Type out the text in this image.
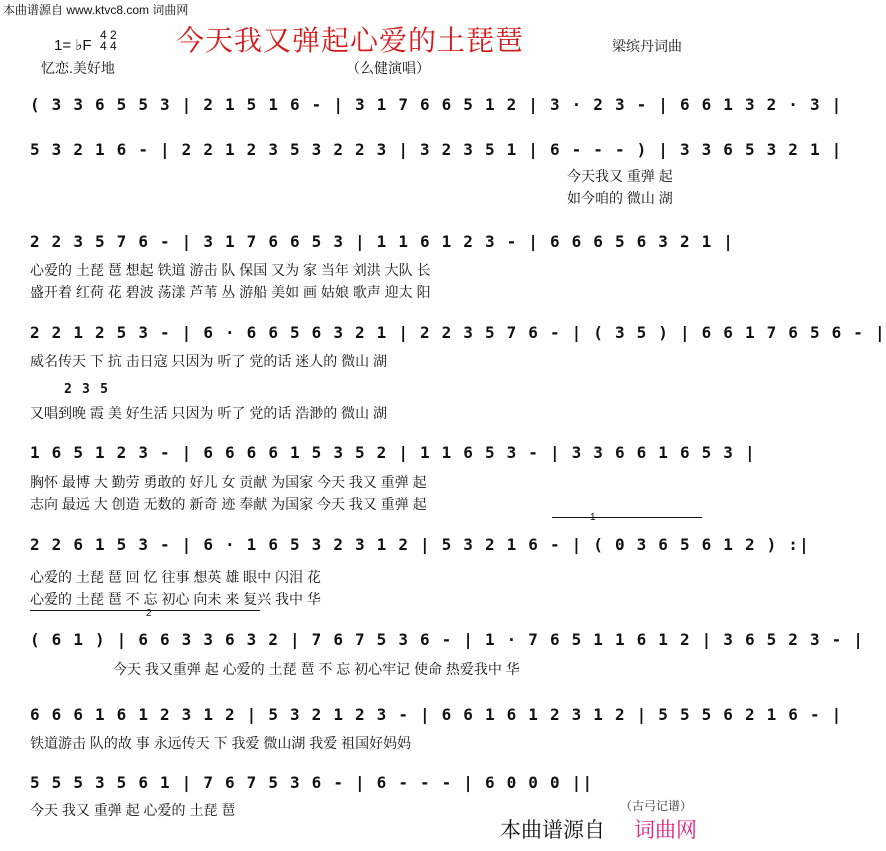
本曲谱源自 www.ktvc8.com 词曲网
1= ♭F
4 2
4 4 今天我又弹起心爱的土琵琶	梁缤丹词曲
忆恋.美好地	（么健演唱）
( 3 3 6 5 5 3 | 2 1 5 1 6 - | 3 1 7 6 6 5 1 2 | 3 · 2 3 - | 6 6 1 3 2 · 3 |
5 3 2 1 6 - | 2 2 1 2 3 5 3 2 2 3 | 3 2 3 5 1 | 6 - - - ) | 3 3 6 5 3 2 1 |
2 2 3 5 7 6 - | 3 1 7 6 6 5 3 | 1 1 6 1 2 3 - | 6 6 6 5 6 3 2 1 |
2 2 1 2 5 3 - | 6 · 6 6 5 6 3 2 1 | 2 2 3 5 7 6 - | ( 3 5 ) | 6 6 1 7 6 5 6 - |
1 6 5 1 2 3 - | 6 6 6 6 1 5 3 5 2 | 1 1 6 5 3 - | 3 3 6 6 1 6 5 3 |
2 2 6 1 5 3 - | 6 · 1 6 5 3 2 3 1 2 | 5 3 2 1 6 - | ( 0 3 6 5 6 1 2 ) :|
( 6 1 ) | 6 6 3 3 6 3 2 | 7 6 7 5 3 6 - | 1 · 7 6 5 1 1 6 1 2 | 3 6 5 2 3 - |
6 6 6 1 6 1 2 3 1 2 | 5 3 2 1 2 3 - | 6 6 1 6 1 2 3 1 2 | 5 5 5 6 2 1 6 - |
5 5 5 3 5 6 1 | 7 6 7 5 3 6 - | 6 - - - | 6 0 0 0 ||
今天我又 重弹 起
如今咱的 微山 湖
心爱的 土琵 琶 想起 铁道 游击 队 保国 又为 家 当年 刘洪 大队 长
盛开着 红荷 花 碧波 荡漾 芦苇 丛 游船 美如 画 姑娘 歌声 迎太 阳
威名传天 下 抗 击日寇 只因为 听了 党的话 迷人的 微山 湖
又唱到晚 霞 美 好生活 只因为 听了 党的话 浩渺的 微山 湖
胸怀 最博 大 勤劳 勇敢的 好儿 女 贡献 为国家 今天 我又 重弹 起
志向 最远 大 创造 无数的 新奇 迹 奉献 为国家 今天 我又 重弹 起
心爱的 土琵 琶 回 忆 往事 想英 雄 眼中 闪泪 花
心爱的 土琵 琶 不 忘 初心 向未 来 复兴 我中 华
今天 我又重弹 起 心爱的 土琵 琶 不 忘 初心牢记 使命 热爱我中 华
铁道游击 队的故 事 永远传天 下 我爱 微山湖 我爱 祖国好妈妈
今天 我又 重弹 起 心爱的 土琵 琶
2 3 5
1
2
（古弓记谱）
本曲谱源自 词曲网
